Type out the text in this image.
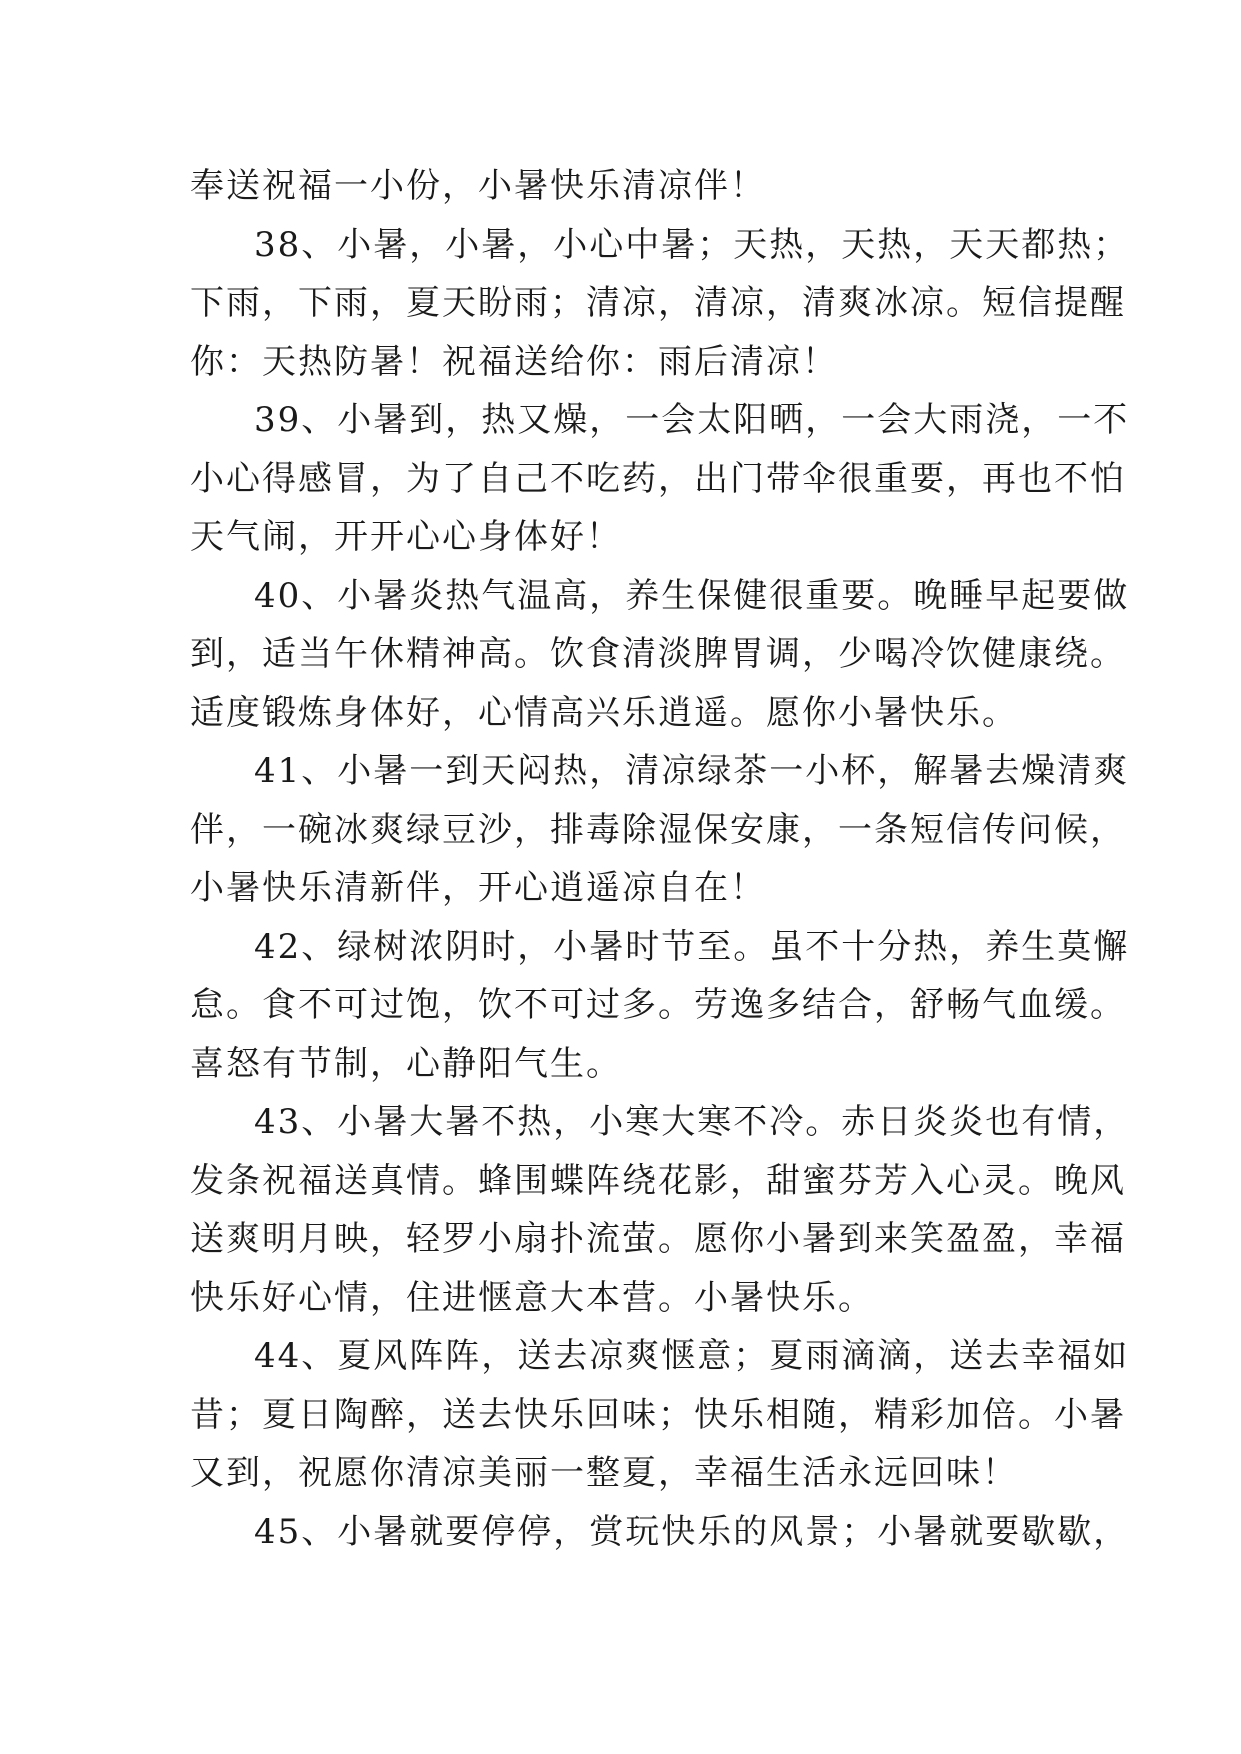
奉送祝福一小份，小暑快乐清凉伴！
38、小暑，小暑，小心中暑；天热，天热，天天都热；
下雨，下雨，夏天盼雨；清凉，清凉，清爽冰凉。短信提醒
你：天热防暑！祝福送给你：雨后清凉！
39、小暑到，热又燥，一会太阳晒，一会大雨浇，一不
小心得感冒，为了自己不吃药，出门带伞很重要，再也不怕
天气闹，开开心心身体好！
40、小暑炎热气温高，养生保健很重要。晚睡早起要做
到，适当午休精神高。饮食清淡脾胃调，少喝冷饮健康绕。
适度锻炼身体好，心情高兴乐逍遥。愿你小暑快乐。
41、小暑一到天闷热，清凉绿茶一小杯，解暑去燥清爽
伴，一碗冰爽绿豆沙，排毒除湿保安康，一条短信传问候，
小暑快乐清新伴，开心逍遥凉自在！
42、绿树浓阴时，小暑时节至。虽不十分热，养生莫懈
怠。食不可过饱，饮不可过多。劳逸多结合，舒畅气血缓。
喜怒有节制，心静阳气生。
43、小暑大暑不热，小寒大寒不冷。赤日炎炎也有情，
发条祝福送真情。蜂围蝶阵绕花影，甜蜜芬芳入心灵。晚风
送爽明月映，轻罗小扇扑流萤。愿你小暑到来笑盈盈，幸福
快乐好心情，住进惬意大本营。小暑快乐。
44、夏风阵阵，送去凉爽惬意；夏雨滴滴，送去幸福如
昔；夏日陶醉，送去快乐回味；快乐相随，精彩加倍。小暑
又到，祝愿你清凉美丽一整夏，幸福生活永远回味！
45、小暑就要停停，赏玩快乐的风景；小暑就要歇歇，
